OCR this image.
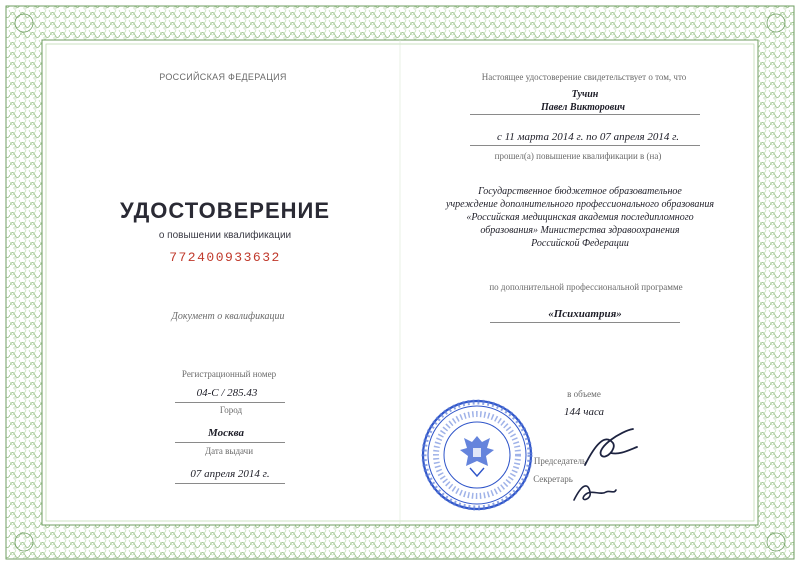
РОССИЙСКАЯ ФЕДЕРАЦИЯ
УДОСТОВЕРЕНИЕ
о повышении квалификации
772400933632
Документ о квалификации
Регистрационный номер
04-С / 285.43
Город
Москва
Дата выдачи
07 апреля 2014 г.
Настоящее удостоверение свидетельствует о том, что
Тучин
Павел Викторович
с 11 марта 2014 г. по 07 апреля 2014 г.
прошел(а) повышение квалификации в (на)
Государственное бюджетное образовательное
учреждение дополнительного профессионального образования
«Российская медицинская академия последипломного
образования» Министерства здравоохранения
Российской Федерации
по дополнительной профессиональной программе
«Психиатрия»
в объеме
144 часа
Председатель
Секретарь
